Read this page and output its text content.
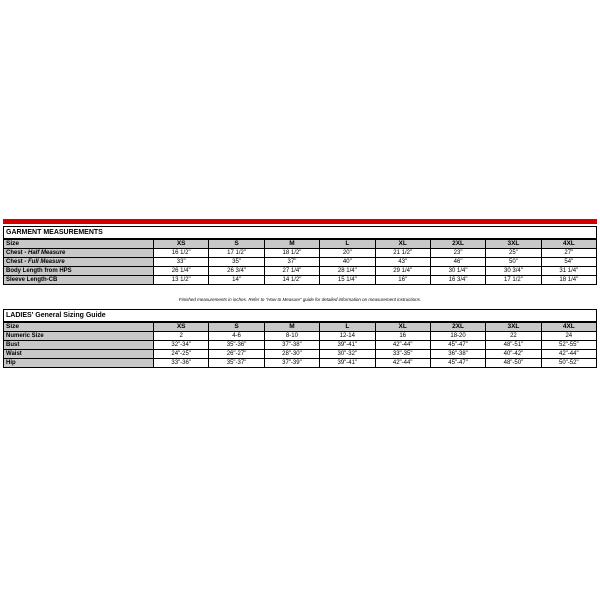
GARMENT MEASUREMENTS								
Size	XS	S	M	L	XL	2XL	3XL	4XL
Chest - Half Measure	16 1/2"	17 1/2"	18 1/2"	20"	21 1/2"	23"	25"	27"
Chest - Full Measure	33"	35"	37"	40"	43"	46"	50"	54"
Body Length from HPS	26 1/4"	26 3/4"	27 1/4"	28 1/4"	29 1/4"	30 1/4"	30 3/4"	31 1/4"
Sleeve Length-CB	13 1/2"	14"	14 1/2"	15 1/4"	16"	16 3/4"	17 1/2"	18 1/4"
Finished measurements in inches. Refer to "How to Measure" guide for detailed information on measurement instructions.
LADIES' General Sizing Guide								
Size	XS	S	M	L	XL	2XL	3XL	4XL
Numeric Size	2	4-6	8-10	12-14	16	18-20	22	24
Bust	32"-34"	35"-36"	37"-38"	39"-41"	42"-44"	45"-47"	48"-51"	52"-55"
Waist	24"-25"	26"-27"	28"-30"	30"-32"	33"-35"	36"-38"	40"-42"	42"-44"
Hip	33"-36"	35"-37"	37"-39"	39"-41"	42"-44"	45"-47"	48"-50"	50"-52"
